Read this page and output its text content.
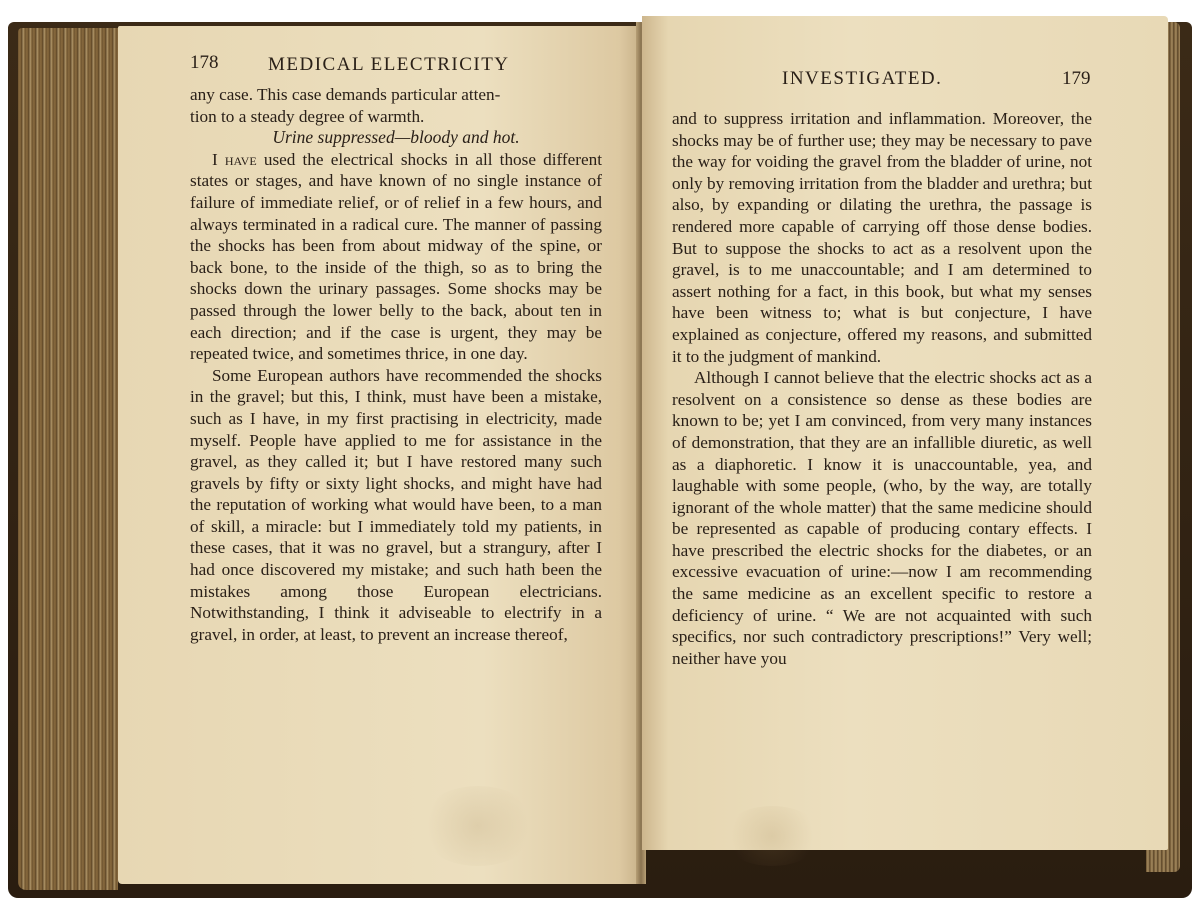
178	MEDICAL ELECTRICITY

any case. This case demands particular atten-

tion to a steady degree of warmth.

Urine suppressed—bloody and hot.

I have used the electrical shocks in all those different states or stages, and have known of no single instance of failure of immediate relief, or of relief in a few hours, and always terminated in a radical cure. The manner of passing the shocks has been from about midway of the spine, or back bone, to the inside of the thigh, so as to bring the shocks down the urinary passages. Some shocks may be passed through the lower belly to the back, about ten in each direction; and if the case is urgent, they may be repeated twice, and sometimes thrice, in one day.

Some European authors have recommended the shocks in the gravel; but this, I think, must have been a mistake, such as I have, in my first practising in electricity, made myself. People have applied to me for assistance in the gravel, as they called it; but I have restored many such gravels by fifty or sixty light shocks, and might have had the reputation of working what would have been, to a man of skill, a miracle: but I immediately told my patients, in these cases, that it was no gravel, but a strangury, after I had once discovered my mistake; and such hath been the mistakes among those European electricians. Notwithstanding, I think it adviseable to electrify in a gravel, in order, at least, to prevent an increase thereof,

INVESTIGATED.	179

and to suppress irritation and inflammation. Moreover, the shocks may be of further use; they may be necessary to pave the way for voiding the gravel from the bladder of urine, not only by removing irritation from the bladder and urethra; but also, by expanding or dilating the urethra, the passage is rendered more capable of carrying off those dense bodies. But to suppose the shocks to act as a resolvent upon the gravel, is to me unaccountable; and I am determined to assert nothing for a fact, in this book, but what my senses have been witness to; what is but conjecture, I have explained as conjecture, offered my reasons, and submitted it to the judgment of mankind.

Although I cannot believe that the electric shocks act as a resolvent on a consistence so dense as these bodies are known to be; yet I am convinced, from very many instances of demonstration, that they are an infallible diuretic, as well as a diaphoretic. I know it is unaccountable, yea, and laughable with some people, (who, by the way, are totally ignorant of the whole matter) that the same medicine should be represented as capable of producing contary effects. I have prescribed the electric shocks for the diabetes, or an excessive evacuation of urine:—now I am recommending the same medicine as an excellent specific to restore a deficiency of urine. “ We are not acquainted with such specifics, nor such contradictory prescriptions!” Very well; neither have you
